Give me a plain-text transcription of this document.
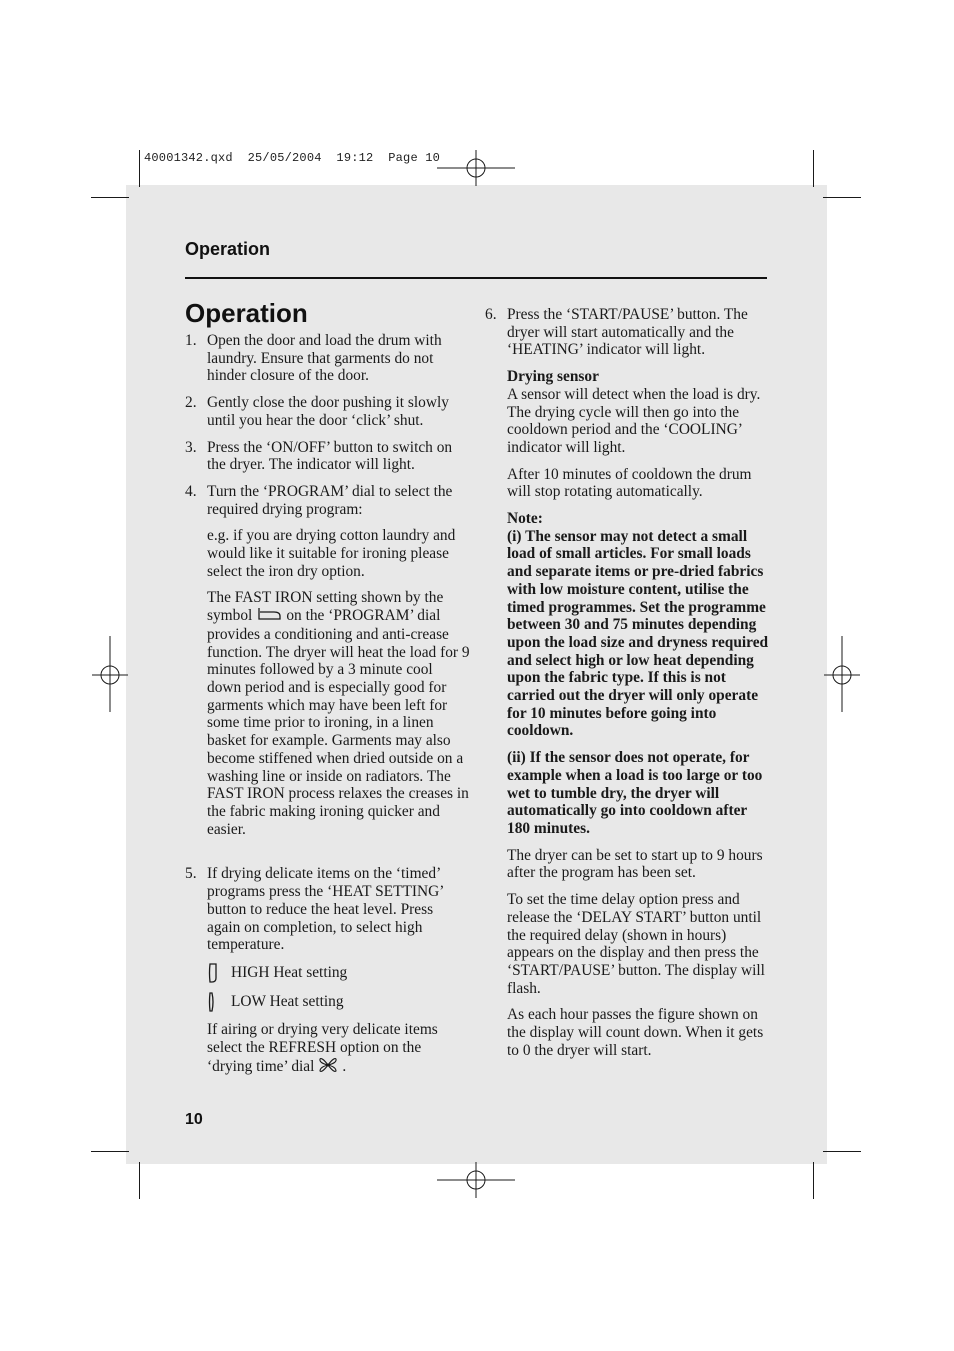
40001342.qxd  25/05/2004  19:12  Page 10
Operation
Operation
1. Open the door and load the drum with laundry. Ensure that garments do not hinder closure of the door.

2. Gently close the door pushing it slowly until you hear the door ‘click’ shut.

3. Press the ‘ON/OFF’ button to switch on the dryer. The indicator will light.

4. Turn the ‘PROGRAM’ dial to select the required drying program:

e.g. if you are drying cotton laundry and would like it suitable for ironing please select the iron dry option.

The FAST IRON setting shown by the symbol on the ‘PROGRAM’ dial provides a conditioning and anti-crease function. The dryer will heat the load for 9 minutes followed by a 3 minute cool down period and is especially good for garments which may have been left for some time prior to ironing, in a linen basket for example. Garments may also become stiffened when dried outside on a washing line or inside on radiators. The FAST IRON process relaxes the creases in the fabric making ironing quicker and easier.

5. If drying delicate items on the ‘timed’ programs press the ‘HEAT SETTING’ button to reduce the heat level. Press again on completion, to select high temperature.

HIGH Heat setting
LOW Heat setting

If airing or drying very delicate items select the REFRESH option on the ‘drying time’ dial .

6. Press the ‘START/PAUSE’ button. The dryer will start automatically and the ‘HEATING’ indicator will light.

Drying sensor
A sensor will detect when the load is dry. The drying cycle will then go into the cooldown period and the ‘COOLING’ indicator will light.

After 10 minutes of cooldown the drum will stop rotating automatically.

Note:
(i) The sensor may not detect a small load of small articles. For small loads and separate items or pre-dried fabrics with low moisture content, utilise the timed programmes. Set the programme between 30 and 75 minutes depending upon the load size and dryness required and select high or low heat depending upon the fabric type. If this is not carried out the dryer will only operate for 10 minutes before going into cooldown.

(ii) If the sensor does not operate, for example when a load is too large or too wet to tumble dry, the dryer will automatically go into cooldown after 180 minutes.

The dryer can be set to start up to 9 hours after the program has been set.

To set the time delay option press and release the ‘DELAY START’ button until the required delay (shown in hours) appears on the display and then press the ‘START/PAUSE’ button. The display will flash.

As each hour passes the figure shown on the display will count down. When it gets to 0 the dryer will start.

10
